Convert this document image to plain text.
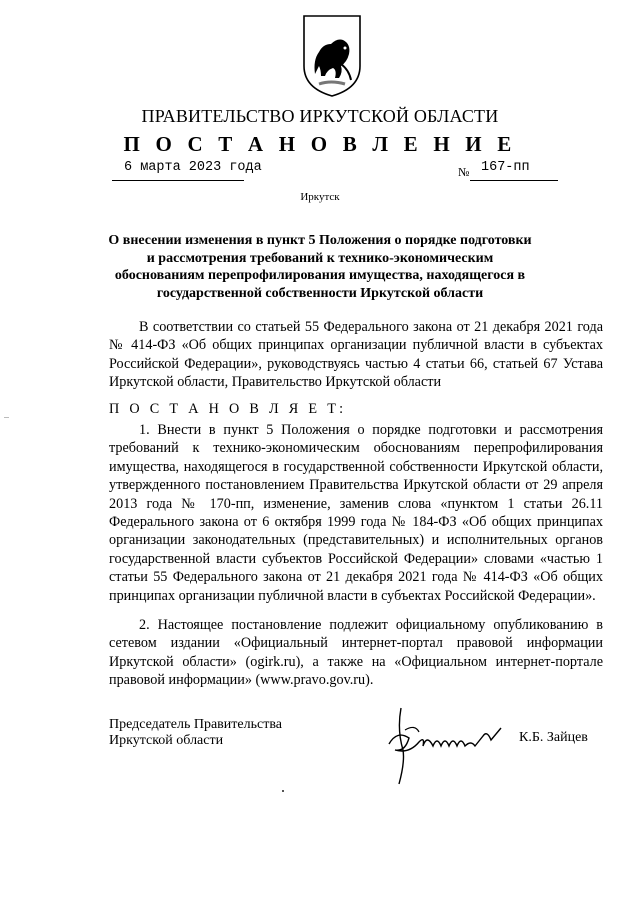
ПРАВИТЕЛЬСТВО ИРКУТСКОЙ ОБЛАСТИ
П О С Т А Н О В Л Е Н И Е
6 марта 2023 года	№ 167-пп
Иркутск
О внесении изменения в пункт 5 Положения о порядке подготовки и рассмотрения требований к технико-экономическим обоснованиям перепрофилирования имущества, находящегося в государственной собственности Иркутской области
В соответствии со статьей 55 Федерального закона от 21 декабря 2021 года № 414-ФЗ «Об общих принципах организации публичной власти в субъектах Российской Федерации», руководствуясь частью 4 статьи 66, статьей 67 Устава Иркутской области, Правительство Иркутской области
П О С Т А Н О В Л Я Е Т:
1. Внести в пункт 5 Положения о порядке подготовки и рассмотрения требований к технико-экономическим обоснованиям перепрофилирования имущества, находящегося в государственной собственности Иркутской области, утвержденного постановлением Правительства Иркутской области от 29 апреля 2013 года № 170-пп, изменение, заменив слова «пунктом 1 статьи 26.11 Федерального закона от 6 октября 1999 года № 184-ФЗ «Об общих принципах организации законодательных (представительных) и исполнительных органов государственной власти субъектов Российской Федерации» словами «частью 1 статьи 55 Федерального закона от 21 декабря 2021 года № 414-ФЗ «Об общих принципах организации публичной власти в субъектах Российской Федерации».
2. Настоящее постановление подлежит официальному опубликованию в сетевом издании «Официальный интернет-портал правовой информации Иркутской области» (ogirk.ru), а также на «Официальном интернет-портале правовой информации» (www.pravo.gov.ru).
Председатель Правительства
Иркутской области	К.Б. Зайцев
